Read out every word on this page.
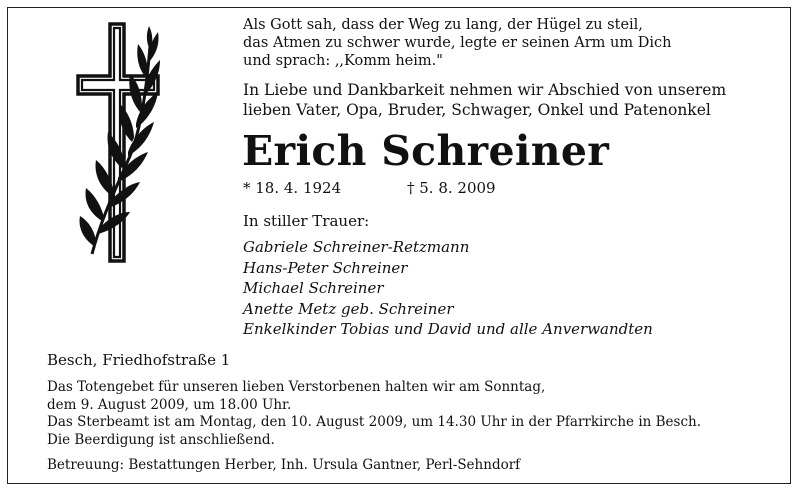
Als Gott sah, dass der Weg zu lang, der Hügel zu steil,
das Atmen zu schwer wurde, legte er seinen Arm um Dich
und sprach: ,,Komm heim."
In Liebe und Dankbarkeit nehmen wir Abschied von unserem
lieben Vater, Opa, Bruder, Schwager, Onkel und Patenonkel
Erich Schreiner
* 18. 4. 1924	† 5. 8. 2009
In stiller Trauer:
Gabriele Schreiner-Retzmann
Hans-Peter Schreiner
Michael Schreiner
Anette Metz geb. Schreiner
Enkelkinder Tobias und David und alle Anverwandten
Besch, Friedhofstraße 1
Das Totengebet für unseren lieben Verstorbenen halten wir am Sonntag,
dem 9. August 2009, um 18.00 Uhr.
Das Sterbeamt ist am Montag, den 10. August 2009, um 14.30 Uhr in der Pfarrkirche in Besch.
Die Beerdigung ist anschließend.
Betreuung: Bestattungen Herber, Inh. Ursula Gantner, Perl-Sehndorf
